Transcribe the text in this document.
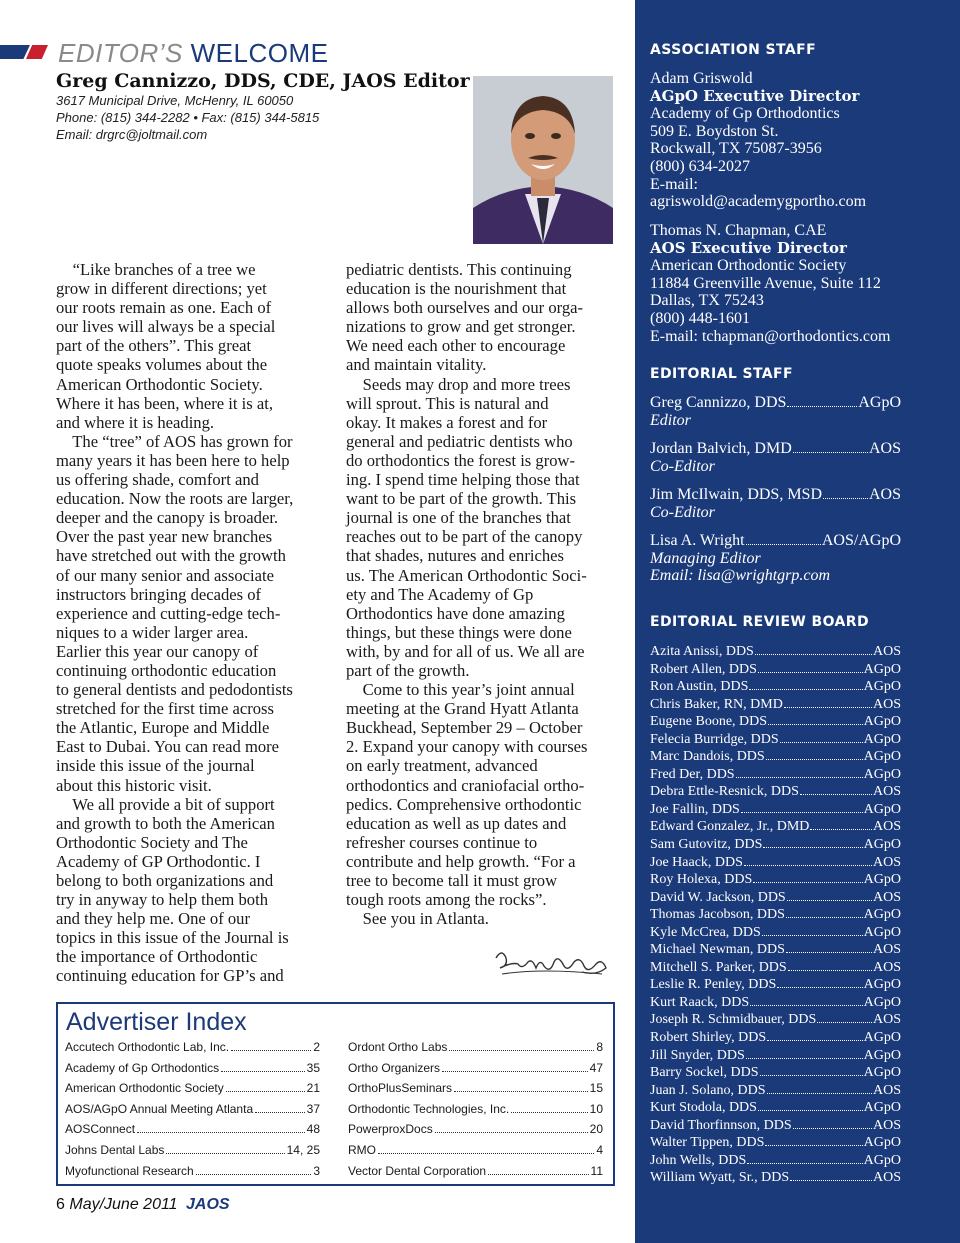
EDITOR’S WELCOME
Greg Cannizzo, DDS, CDE, JAOS Editor
3617 Municipal Drive, McHenry, IL 60050
Phone: (815) 344-2282 • Fax: (815) 344-5815
Email: drgrc@joltmail.com
“Like branches of a tree we
grow in different directions; yet
our roots remain as one. Each of
our lives will always be a special
part of the others”. This great
quote speaks volumes about the
American Orthodontic Society.
Where it has been, where it is at,
and where it is heading.
The “tree” of AOS has grown for
many years it has been here to help
us offering shade, comfort and
education. Now the roots are larger,
deeper and the canopy is broader.
Over the past year new branches
have stretched out with the growth
of our many senior and associate
instructors bringing decades of
experience and cutting-edge tech-
niques to a wider larger area.
Earlier this year our canopy of
continuing orthodontic education
to general dentists and pedodontists
stretched for the first time across
the Atlantic, Europe and Middle
East to Dubai. You can read more
inside this issue of the journal
about this historic visit.
We all provide a bit of support
and growth to both the American
Orthodontic Society and The
Academy of GP Orthodontic. I
belong to both organizations and
try in anyway to help them both
and they help me. One of our
topics in this issue of the Journal is
the importance of Orthodontic
continuing education for GP’s and
pediatric dentists. This continuing
education is the nourishment that
allows both ourselves and our orga-
nizations to grow and get stronger.
We need each other to encourage
and maintain vitality.
Seeds may drop and more trees
will sprout. This is natural and
okay. It makes a forest and for
general and pediatric dentists who
do orthodontics the forest is grow-
ing. I spend time helping those that
want to be part of the growth. This
journal is one of the branches that
reaches out to be part of the canopy
that shades, nutures and enriches
us. The American Orthodontic Soci-
ety and The Academy of Gp
Orthodontics have done amazing
things, but these things were done
with, by and for all of us. We all are
part of the growth.
Come to this year’s joint annual
meeting at the Grand Hyatt Atlanta
Buckhead, September 29 – October
2. Expand your canopy with courses
on early treatment, advanced
orthodontics and craniofacial ortho-
pedics. Comprehensive orthodontic
education as well as up dates and
refresher courses continue to
contribute and help growth. “For a
tree to become tall it must grow
tough roots among the rocks”.
See you in Atlanta.
Advertiser Index
Accutech Orthodontic Lab, Inc.	2
Academy of Gp Orthodontics	35
American Orthodontic Society	21
AOS/AGpO Annual Meeting Atlanta	37
AOSConnect	48
Johns Dental Labs	14, 25
Myofunctional Research	3
Ordont Ortho Labs	8
Ortho Organizers	47
OrthoPlusSeminars	15
Orthodontic Technologies, Inc.	10
PowerproxDocs	20
RMO	4
Vector Dental Corporation	11
6 May/June 2011 JAOS
ASSOCIATION STAFF
Adam Griswold
AGpO Executive Director
Academy of Gp Orthodontics
509 E. Boydston St.
Rockwall, TX 75087-3956
(800) 634-2027
E-mail:
agriswold@academygportho.com
Thomas N. Chapman, CAE
AOS Executive Director
American Orthodontic Society
11884 Greenville Avenue, Suite 112
Dallas, TX 75243
(800) 448-1601
E-mail: tchapman@orthodontics.com
EDITORIAL STAFF
Greg Cannizzo, DDS	AGpO
Editor
Jordan Balvich, DMD	AOS
Co-Editor
Jim McIlwain, DDS, MSD	AOS
Co-Editor
Lisa A. Wright	AOS/AGpO
Managing Editor
Email: lisa@wrightgrp.com
EDITORIAL REVIEW BOARD
Azita Anissi, DDS	AOS
Robert Allen, DDS	AGpO
Ron Austin, DDS	AGpO
Chris Baker, RN, DMD	AOS
Eugene Boone, DDS	AGpO
Felecia Burridge, DDS	AGpO
Marc Dandois, DDS	AGpO
Fred Der, DDS	AGpO
Debra Ettle-Resnick, DDS	AOS
Joe Fallin, DDS	AGpO
Edward Gonzalez, Jr., DMD	AOS
Sam Gutovitz, DDS	AGpO
Joe Haack, DDS	AOS
Roy Holexa, DDS	AGpO
David W. Jackson, DDS	AOS
Thomas Jacobson, DDS	AGpO
Kyle McCrea, DDS	AGpO
Michael Newman, DDS	AOS
Mitchell S. Parker, DDS	AOS
Leslie R. Penley, DDS	AGpO
Kurt Raack, DDS	AGpO
Joseph R. Schmidbauer, DDS	AOS
Robert Shirley, DDS	AGpO
Jill Snyder, DDS	AGpO
Barry Sockel, DDS	AGpO
Juan J. Solano, DDS	AOS
Kurt Stodola, DDS	AGpO
David Thorfinnson, DDS	AOS
Walter Tippen, DDS	AGpO
John Wells, DDS	AGpO
William Wyatt, Sr., DDS	AOS
